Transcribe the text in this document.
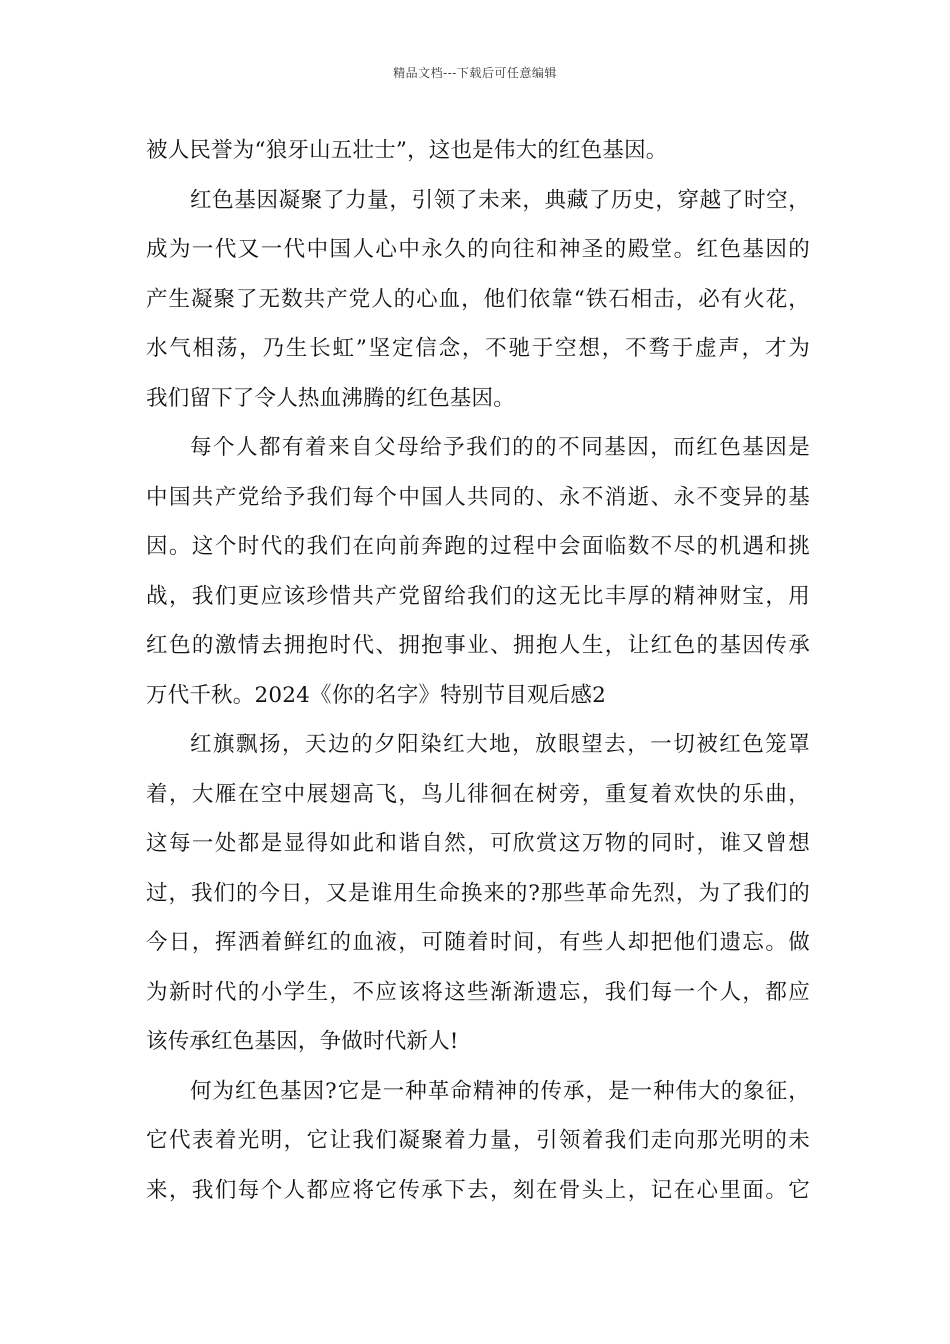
精品文档---下载后可任意编辑
被人民誉为“狼牙山五壮士”，这也是伟大的红色基因。
红色基因凝聚了力量，引领了未来，典藏了历史，穿越了时空，
成为一代又一代中国人心中永久的向往和神圣的殿堂。红色基因的
产生凝聚了无数共产党人的心血，他们依靠“铁石相击，必有火花，
水气相荡，乃生长虹”坚定信念，不驰于空想，不骛于虚声，才为
我们留下了令人热血沸腾的红色基因。
每个人都有着来自父母给予我们的的不同基因，而红色基因是
中国共产党给予我们每个中国人共同的、永不消逝、永不变异的基
因。这个时代的我们在向前奔跑的过程中会面临数不尽的机遇和挑
战，我们更应该珍惜共产党留给我们的这无比丰厚的精神财宝，用
红色的激情去拥抱时代、拥抱事业、拥抱人生，让红色的基因传承
万代千秋。2024《你的名字》特别节目观后感2
红旗飘扬，天边的夕阳染红大地，放眼望去，一切被红色笼罩
着，大雁在空中展翅高飞，鸟儿徘徊在树旁，重复着欢快的乐曲，
这每一处都是显得如此和谐自然，可欣赏这万物的同时，谁又曾想
过，我们的今日，又是谁用生命换来的?那些革命先烈，为了我们的
今日，挥洒着鲜红的血液，可随着时间，有些人却把他们遗忘。做
为新时代的小学生，不应该将这些渐渐遗忘，我们每一个人，都应
该传承红色基因，争做时代新人!
何为红色基因?它是一种革命精神的传承，是一种伟大的象征，
它代表着光明，它让我们凝聚着力量，引领着我们走向那光明的未
来，我们每个人都应将它传承下去，刻在骨头上，记在心里面。它
